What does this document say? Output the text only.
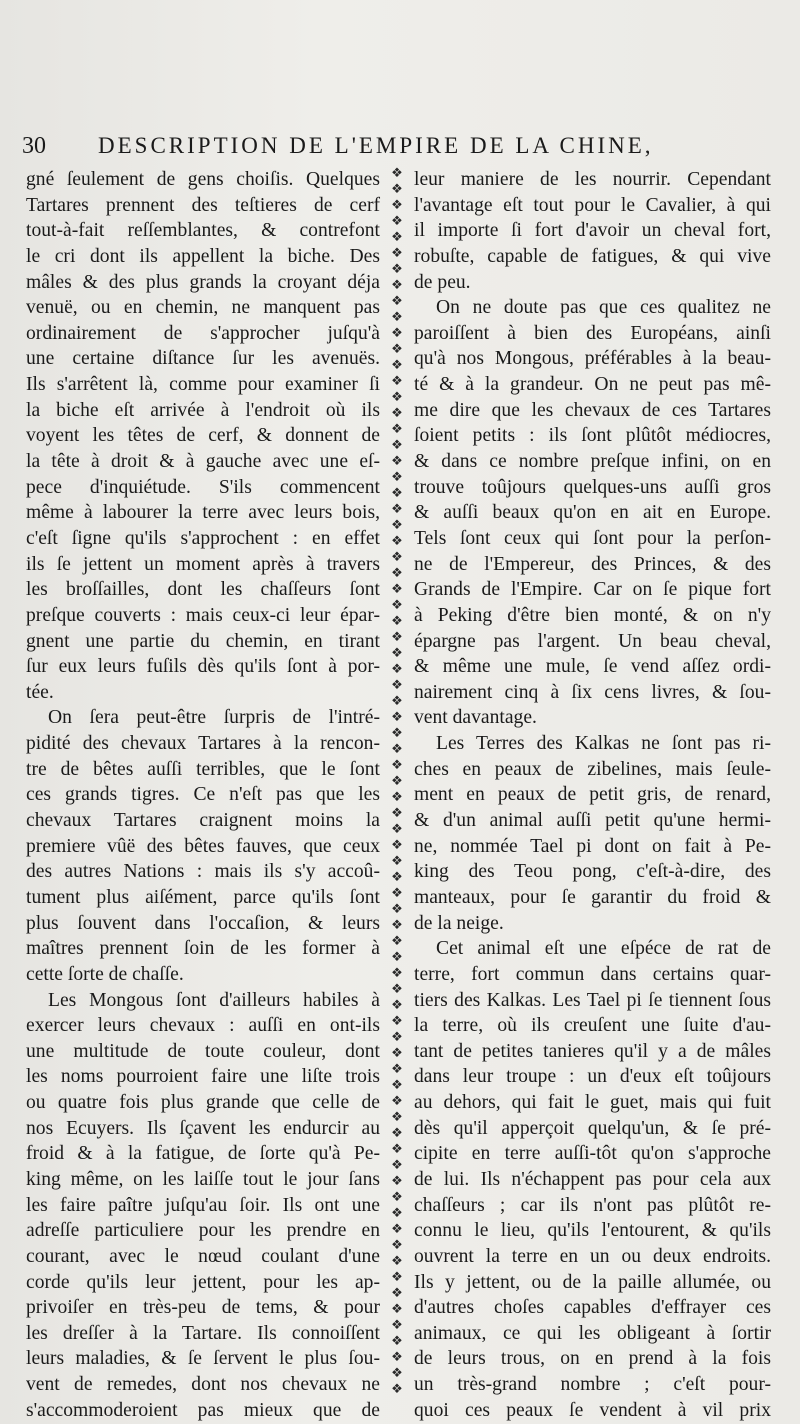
30 DESCRIPTION DE L'EMPIRE DE LA CHINE,
gné ſeulement de gens choiſis. Quelques
Tartares prennent des teſtieres de cerf
tout-à-fait reſſemblantes, & contrefont
le cri dont ils appellent la biche. Des
mâles & des plus grands la croyant déja
venuë, ou en chemin, ne manquent pas
ordinairement de s'approcher juſqu'à
une certaine diſtance ſur les avenuës.
Ils s'arrêtent là, comme pour examiner ſi
la biche eſt arrivée à l'endroit où ils
voyent les têtes de cerf, & donnent de
la tête à droit & à gauche avec une eſ-
pece d'inquiétude. S'ils commencent
même à labourer la terre avec leurs bois,
c'eſt ſigne qu'ils s'approchent : en effet
ils ſe jettent un moment après à travers
les broſſailles, dont les chaſſeurs ſont
preſque couverts : mais ceux-ci leur épar-
gnent une partie du chemin, en tirant
ſur eux leurs fuſils dès qu'ils ſont à por-
tée.
On ſera peut-être ſurpris de l'intré-
pidité des chevaux Tartares à la rencon-
tre de bêtes auſſi terribles, que le ſont
ces grands tigres. Ce n'eſt pas que les
chevaux Tartares craignent moins la
premiere vûë des bêtes fauves, que ceux
des autres Nations : mais ils s'y accoû-
tument plus aiſément, parce qu'ils ſont
plus ſouvent dans l'occaſion, & leurs
maîtres prennent ſoin de les former à
cette ſorte de chaſſe.
Les Mongous ſont d'ailleurs habiles à
exercer leurs chevaux : auſſi en ont-ils
une multitude de toute couleur, dont
les noms pourroient faire une liſte trois
ou quatre fois plus grande que celle de
nos Ecuyers. Ils ſçavent les endurcir au
froid & à la fatigue, de ſorte qu'à Pe-
king même, on les laiſſe tout le jour ſans
les faire paître juſqu'au ſoir. Ils ont une
adreſſe particuliere pour les prendre en
courant, avec le nœud coulant d'une
corde qu'ils leur jettent, pour les ap-
privoiſer en très-peu de tems, & pour
les dreſſer à la Tartare. Ils connoiſſent
leurs maladies, & ſe ſervent le plus ſou-
vent de remedes, dont nos chevaux ne
s'accommoderoient pas mieux que de
❖
❖
❖
❖
❖
❖
❖
❖
❖
❖
❖
❖
❖
❖
❖
❖
❖
❖
❖
❖
❖
❖
❖
❖
❖
❖
❖
❖
❖
❖
❖
❖
❖
❖
❖
❖
❖
❖
❖
❖
❖
❖
❖
❖
❖
❖
❖
❖
❖
❖
❖
❖
❖
❖
❖
❖
❖
❖
❖
❖
❖
❖
❖
❖
❖
❖
❖
❖
❖
❖
❖
❖
❖
❖
❖
❖
❖

leur maniere de les nourrir. Cependant
l'avantage eſt tout pour le Cavalier, à qui
il importe ſi fort d'avoir un cheval fort,
robuſte, capable de fatigues, & qui vive
de peu.
On ne doute pas que ces qualitez ne
paroiſſent à bien des Européans, ainſi
qu'à nos Mongous, préférables à la beau-
té & à la grandeur. On ne peut pas mê-
me dire que les chevaux de ces Tartares
ſoient petits : ils ſont plûtôt médiocres,
& dans ce nombre preſque infini, on en
trouve toûjours quelques-uns auſſi gros
& auſſi beaux qu'on en ait en Europe.
Tels ſont ceux qui ſont pour la perſon-
ne de l'Empereur, des Princes, & des
Grands de l'Empire. Car on ſe pique fort
à Peking d'être bien monté, & on n'y
épargne pas l'argent. Un beau cheval,
& même une mule, ſe vend aſſez ordi-
nairement cinq à ſix cens livres, & ſou-
vent davantage.
Les Terres des Kalkas ne ſont pas ri-
ches en peaux de zibelines, mais ſeule-
ment en peaux de petit gris, de renard,
& d'un animal auſſi petit qu'une hermi-
ne, nommée Tael pi dont on fait à Pe-
king des Teou pong, c'eſt-à-dire, des
manteaux, pour ſe garantir du froid &
de la neige.
Cet animal eſt une eſpéce de rat de
terre, fort commun dans certains quar-
tiers des Kalkas. Les Tael pi ſe tiennent ſous
la terre, où ils creuſent une ſuite d'au-
tant de petites tanieres qu'il y a de mâles
dans leur troupe : un d'eux eſt toûjours
au dehors, qui fait le guet, mais qui fuit
dès qu'il apperçoit quelqu'un, & ſe pré-
cipite en terre auſſi-tôt qu'on s'approche
de lui. Ils n'échappent pas pour cela aux
chaſſeurs ; car ils n'ont pas plûtôt re-
connu le lieu, qu'ils l'entourent, & qu'ils
ouvrent la terre en un ou deux endroits.
Ils y jettent, ou de la paille allumée, ou
d'autres choſes capables d'effrayer ces
animaux, ce qui les obligeant à ſortir
de leurs trous, on en prend à la fois
un très-grand nombre ; c'eſt pour-
quoi ces peaux ſe vendent à vil prix
